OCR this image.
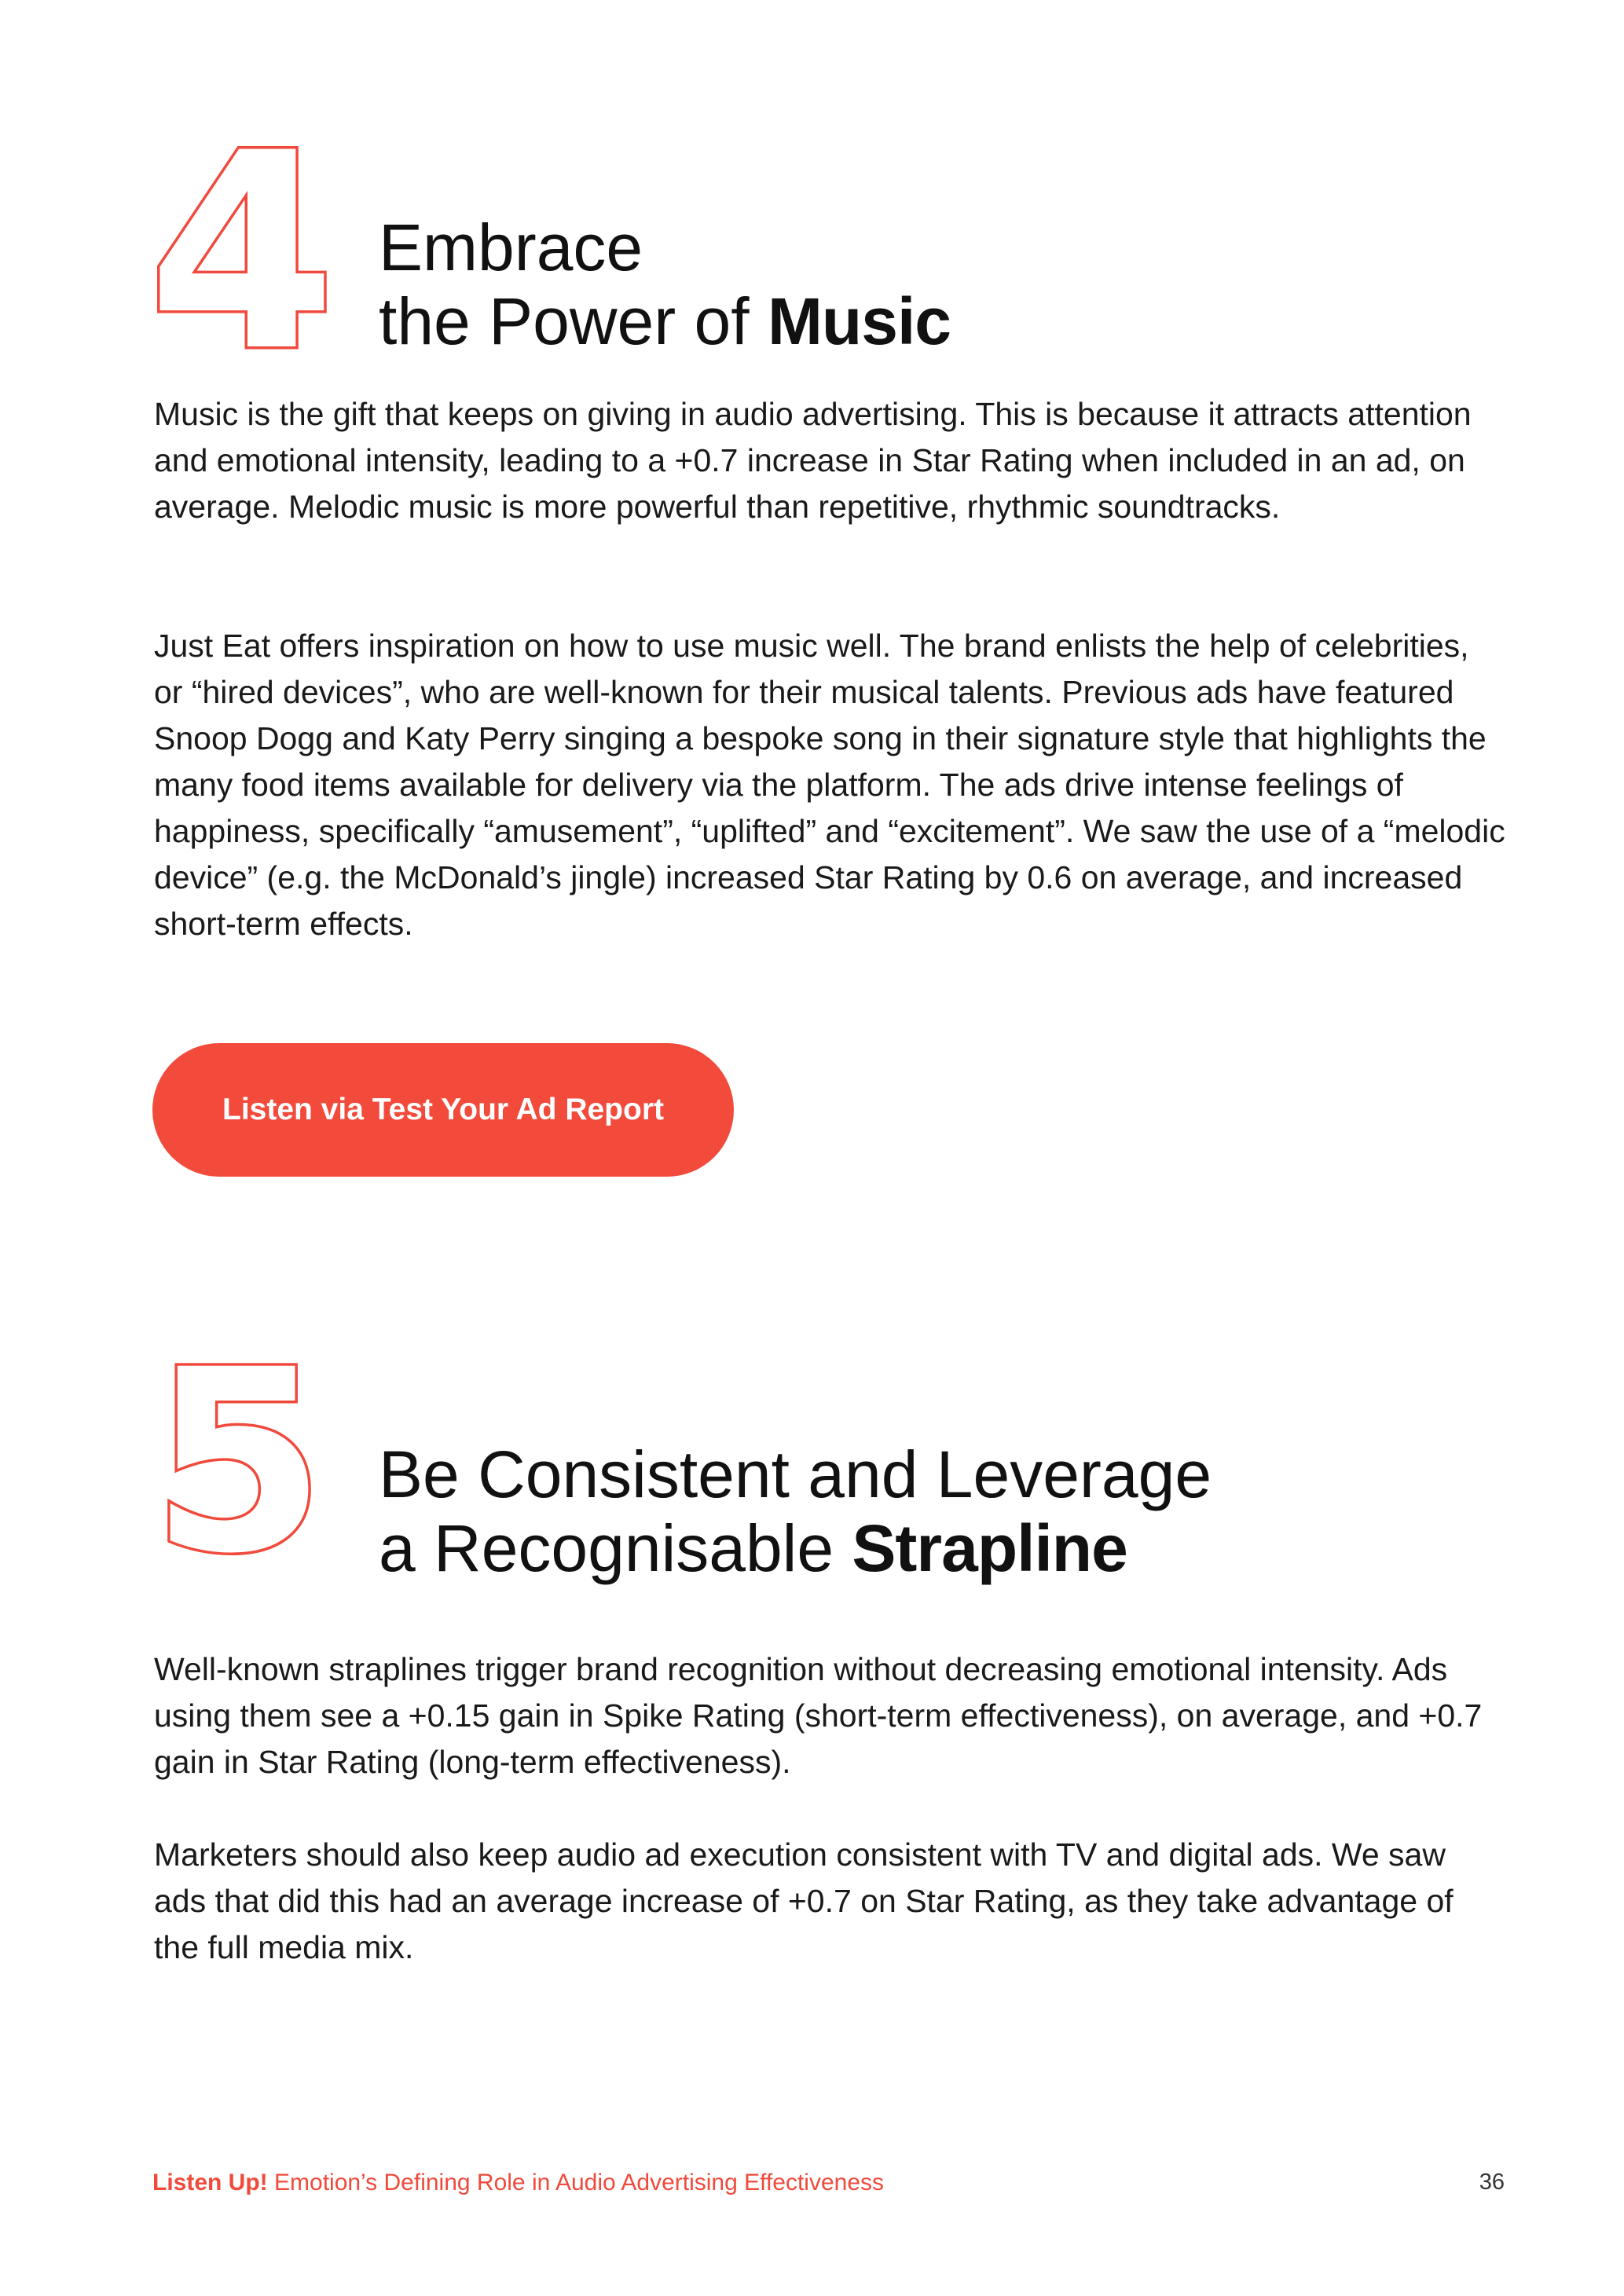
4 Embrace
the Power of Music

Music is the gift that keeps on giving in audio advertising. This is because it attracts attention and emotional intensity, leading to a +0.7 increase in Star Rating when included in an ad, on average. Melodic music is more powerful than repetitive, rhythmic soundtracks.

Just Eat offers inspiration on how to use music well. The brand enlists the help of celebrities, or “hired devices”, who are well-known for their musical talents. Previous ads have featured Snoop Dogg and Katy Perry singing a bespoke song in their signature style that highlights the many food items available for delivery via the platform. The ads drive intense feelings of happiness, specifically “amusement”, “uplifted” and “excitement”. We saw the use of a “melodic device” (e.g. the McDonald’s jingle) increased Star Rating by 0.6 on average, and increased short-term effects.

Listen via Test Your Ad Report
5 Be Consistent and Leverage
a Recognisable Strapline

Well-known straplines trigger brand recognition without decreasing emotional intensity. Ads using them see a +0.15 gain in Spike Rating (short-term effectiveness), on average, and +0.7 gain in Star Rating (long-term effectiveness).

Marketers should also keep audio ad execution consistent with TV and digital ads. We saw ads that did this had an average increase of +0.7 on Star Rating, as they take advantage of the full media mix.

Listen Up! Emotion’s Defining Role in Audio Advertising Effectiveness	36
